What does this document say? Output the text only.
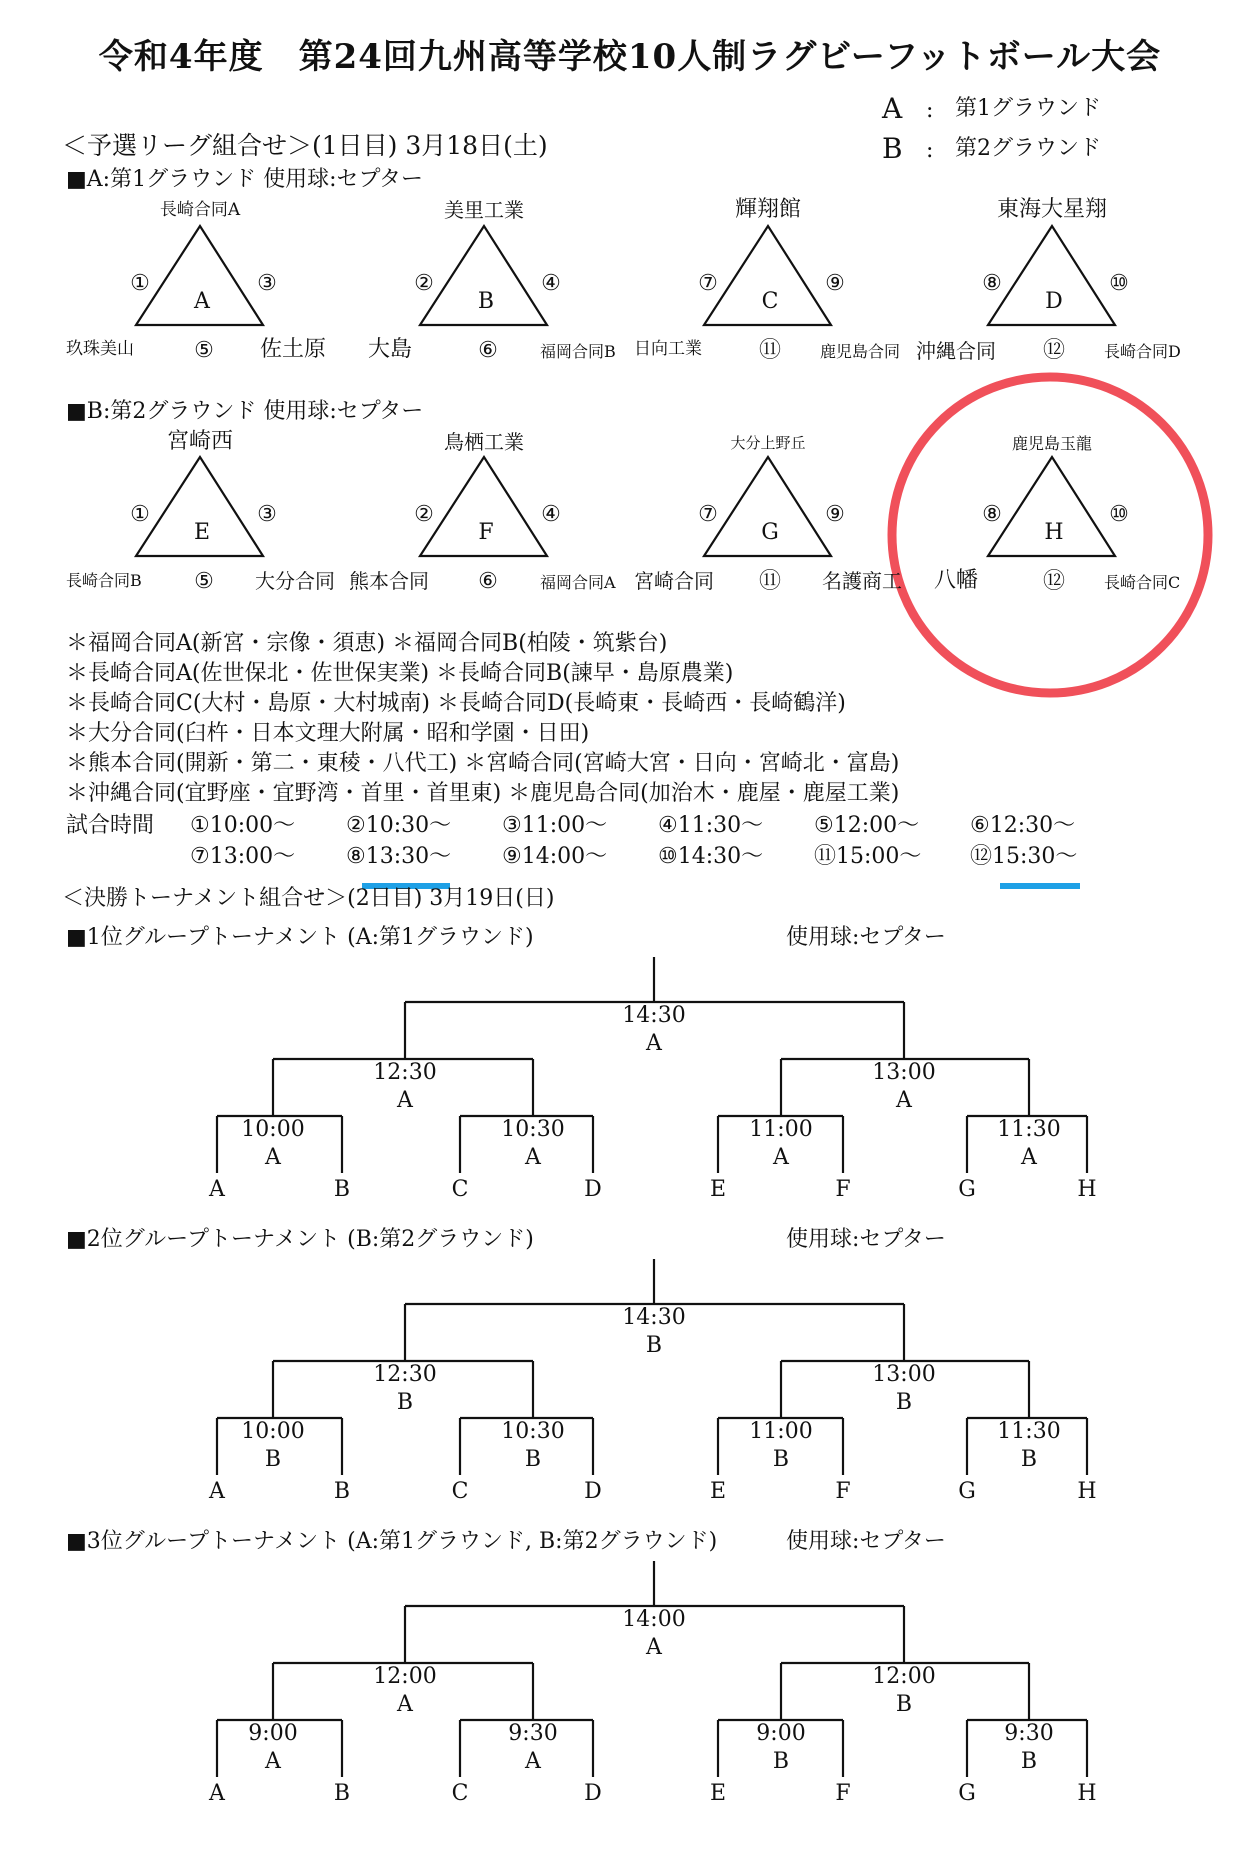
令和4年度　第24回九州高等学校10人制ラグビーフットボール大会
A : 第1グラウンド
B : 第2グラウンド
＜予選リーグ組合せ＞(1日目) 3月18日(土)
■A:第1グラウンド 使用球:セプター
■B:第2グラウンド 使用球:セプター
長崎合同A
①	③
A
玖珠美山	⑤ 佐土原
美里工業
②	④
B
大島	⑥	福岡合同B
輝翔館
⑦	⑨
C
日向工業	⑪ 鹿児島合同
東海大星翔
⑧	⑩
D
沖縄合同 ⑫ 長崎合同D
宮崎西
①	③
E
長崎合同B ⑤ 大分合同
鳥栖工業
②	④
F
熊本合同 ⑥	福岡合同A
大分上野丘
⑦	⑨
G
宮崎合同 ⑪ 名護商工
鹿児島玉龍
⑧	⑩
H
八幡	⑫ 長崎合同C
＊福岡合同A(新宮・宗像・須恵) ＊福岡合同B(柏陵・筑紫台)
＊長崎合同A(佐世保北・佐世保実業) ＊長崎合同B(諫早・島原農業)
＊長崎合同C(大村・島原・大村城南) ＊長崎合同D(長崎東・長崎西・長崎鶴洋)
＊大分合同(臼杵・日本文理大附属・昭和学園・日田)
＊熊本合同(開新・第二・東稜・八代工) ＊宮崎合同(宮崎大宮・日向・宮崎北・富島)
＊沖縄合同(宜野座・宜野湾・首里・首里東) ＊鹿児島合同(加治木・鹿屋・鹿屋工業)
試合時間 ①10:00～ ②10:30～ ③11:00～ ④11:30～ ⑤12:00～ ⑥12:30～
⑦13:00～ ⑧13:30～ ⑨14:00～ ⑩14:30～ ⑪15:00～ ⑫15:30～
＜決勝トーナメント組合せ＞(2日目) 3月19日(日)
■1位グループトーナメント (A:第1グラウンド)	使用球:セプター
■2位グループトーナメント (B:第2グラウンド)	使用球:セプター
■3位グループトーナメント (A:第1グラウンド, B:第2グラウンド)	使用球:セプター
14:30
A
12:30
A
13:00
A
10:00
A
10:30
A
11:00
A
11:30
A
A	B	C	D	E	F	G	H
14:30
B
12:30
B
13:00
B
10:00
B
10:30
B
11:00
B
11:30
B
A	B	C	D	E	F	G	H
14:00
A
12:00
A
12:00
B
9:00
A
9:30
A
9:00
B
9:30
B
A	B	C	D	E	F	G	H
